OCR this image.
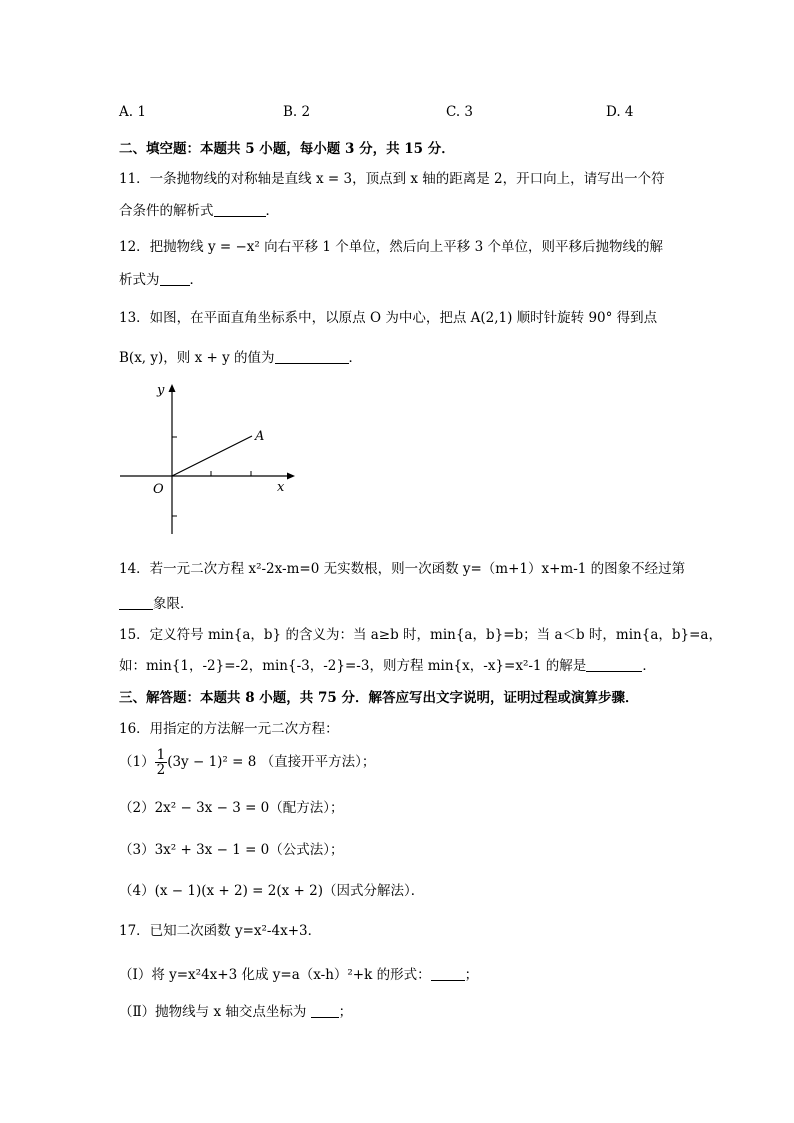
A. 1	B. 2	C. 3	D. 4
二、填空题：本题共 5 小题，每小题 3 分，共 15 分．
11．一条抛物线的对称轴是直线 x = 3，顶点到 x 轴的距离是 2，开口向上，请写出一个符
合条件的解析式	．
12．把抛物线 y = −x² 向右平移 1 个单位，然后向上平移 3 个单位，则平移后抛物线的解
析式为 ．
13．如图，在平面直角坐标系中，以原点 O 为中心，把点 A(2,1) 顺时针旋转 90° 得到点
B(x, y)，则 x + y 的值为	．
y
x
O
A
14．若一元二次方程 x²-2x-m=0 无实数根，则一次函数 y=（m+1）x+m-1 的图象不经过第
象限．
15．定义符号 min{a，b} 的含义为：当 a≥b 时，min{a，b}=b；当 a＜b 时，min{a，b}=a，
如：min{1，-2}=-2，min{-3，-2}=-3，则方程 min{x，-x}=x²-1 的解是	．
三、解答题：本题共 8 小题，共 75 分．解答应写出文字说明，证明过程或演算步骤．
16．用指定的方法解一元二次方程：
$(1) \frac{1}{2} (3y - 1)^2 = 8$ （直接开平方法）；
（2）2x² − 3x − 3 = 0（配方法）；
（3）3x² + 3x − 1 = 0（公式法）；
（4）(x − 1)(x + 2) = 2(x + 2)（因式分解法）．
17．已知二次函数 y=x²-4x+3．
（Ⅰ）将 y=x²4x+3 化成 y=a（x-h）²+k 的形式：	；
（Ⅱ）抛物线与 x 轴交点坐标为 ；
